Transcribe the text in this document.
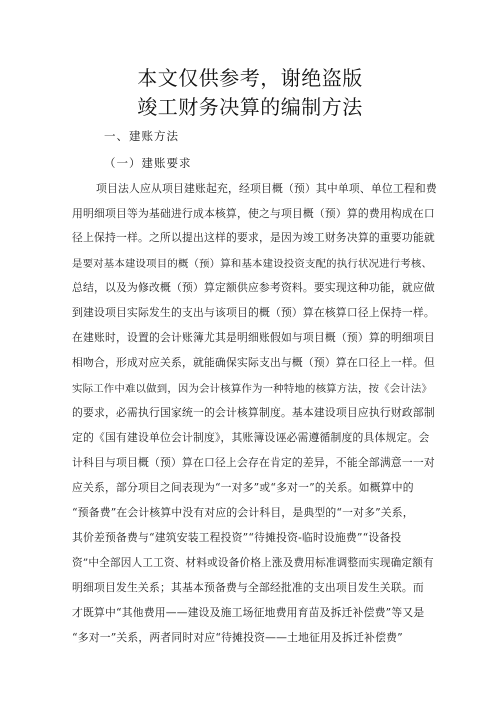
本文仅供参考，谢绝盗版
竣工财务决算的编制方法
一、建账方法
（一）建账要求
项目法人应从项目建账起充，经项目概（预）其中单项、单位工程和费
用明细项目等为基础进行成本核算，使之与项目概（预）算的费用构成在口
径上保持一样。之所以提出这样的要求，是因为竣工财务决算的重要功能就
是要对基本建设项目的概（预）算和基本建设投资支配的执行状况进行考核、
总结，以及为修改概（预）算定额供应参考资料。要实现这种功能，就应做
到建设项目实际发生的支出与该项目的概（预）算在核算口径上保持一样。
在建账时，设置的会计账簿尤其是明细账假如与项目概（预）算的明细项目
相吻合，形成对应关系，就能确保实际支出与概（预）算在口径上一样。但
实际工作中难以做到，因为会计核算作为一种特地的核算方法，按《会计法》
的要求，必需执行国家统一的会计核算制度。基本建设项目应执行财政部制
定的《国有建设单位会计制度》，其账簿设诬必需遵循制度的具体规定。会
计科目与项目概（预）算在口径上会存在肯定的差异，不能全部满意一一对
应关系，部分项目之间表现为“一对多”或“多对一”的关系。如概算中的
“预备费”在会计核算中没有对应的会计科目，是典型的“一对多”关系，
其价差预备费与“建筑安装工程投资”“待摊投资-临时设施费”“设备投
资”中全部因人工工资、材料或设备价格上涨及费用标准调整而实现确定额有
明细项目发生关系；其基本预备费与全部经批准的支出项目发生关联。而
才既算中“其他费用——建设及施工场征地费用育苗及拆迁补偿费”等又是
“多对一”关系，两者同时对应“待摊投资——土地征用及拆迁补偿费”
